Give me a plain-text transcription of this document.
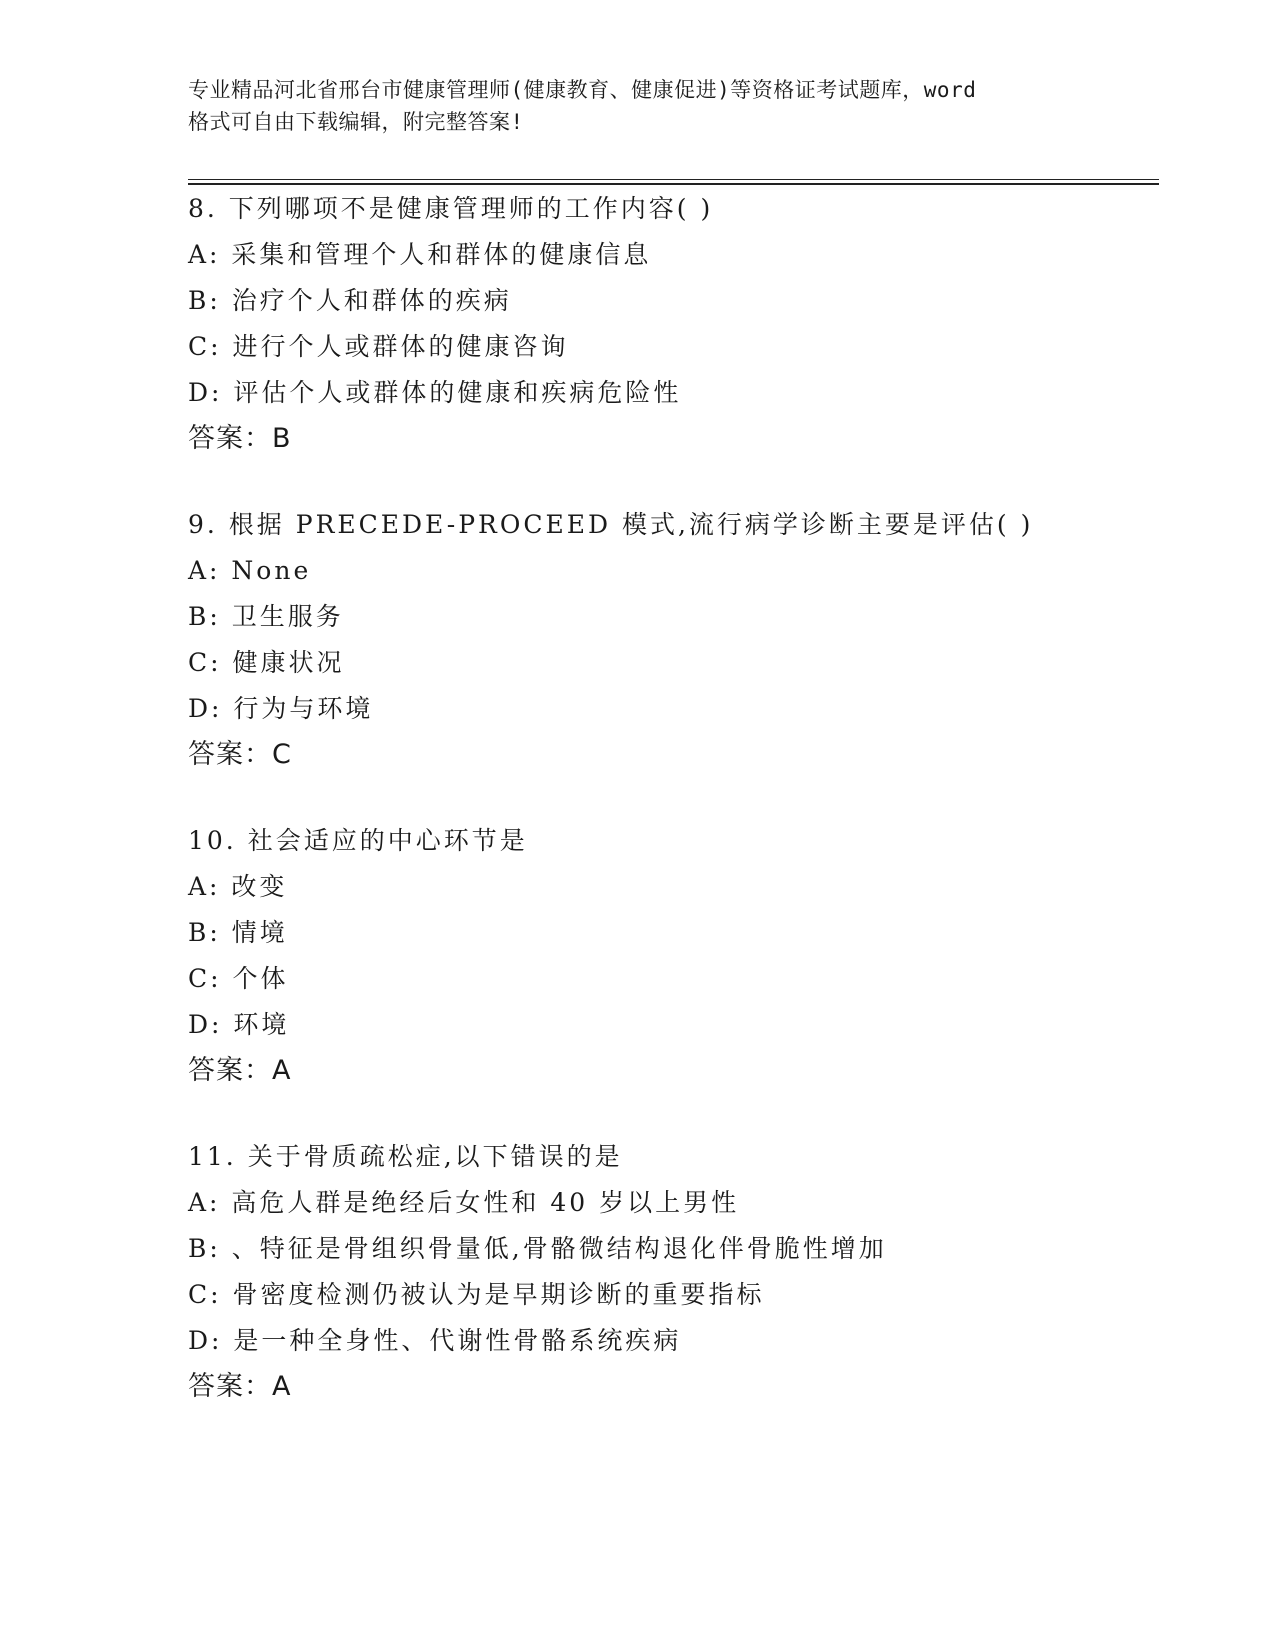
专业精品河北省邢台市健康管理师(健康教育、健康促进)等资格证考试题库，word
格式可自由下载编辑，附完整答案!
8. 下列哪项不是健康管理师的工作内容( )
A: 采集和管理个人和群体的健康信息
B: 治疗个人和群体的疾病
C: 进行个人或群体的健康咨询
D: 评估个人或群体的健康和疾病危险性
答案：B
9. 根据 PRECEDE-PROCEED 模式,流行病学诊断主要是评估( )
A: None
B: 卫生服务
C: 健康状况
D: 行为与环境
答案：C
10. 社会适应的中心环节是
A: 改变
B: 情境
C: 个体
D: 环境
答案：A
11. 关于骨质疏松症,以下错误的是
A: 高危人群是绝经后女性和 40 岁以上男性
B: 、特征是骨组织骨量低,骨骼微结构退化伴骨脆性增加
C: 骨密度检测仍被认为是早期诊断的重要指标
D: 是一种全身性、代谢性骨骼系统疾病
答案：A
